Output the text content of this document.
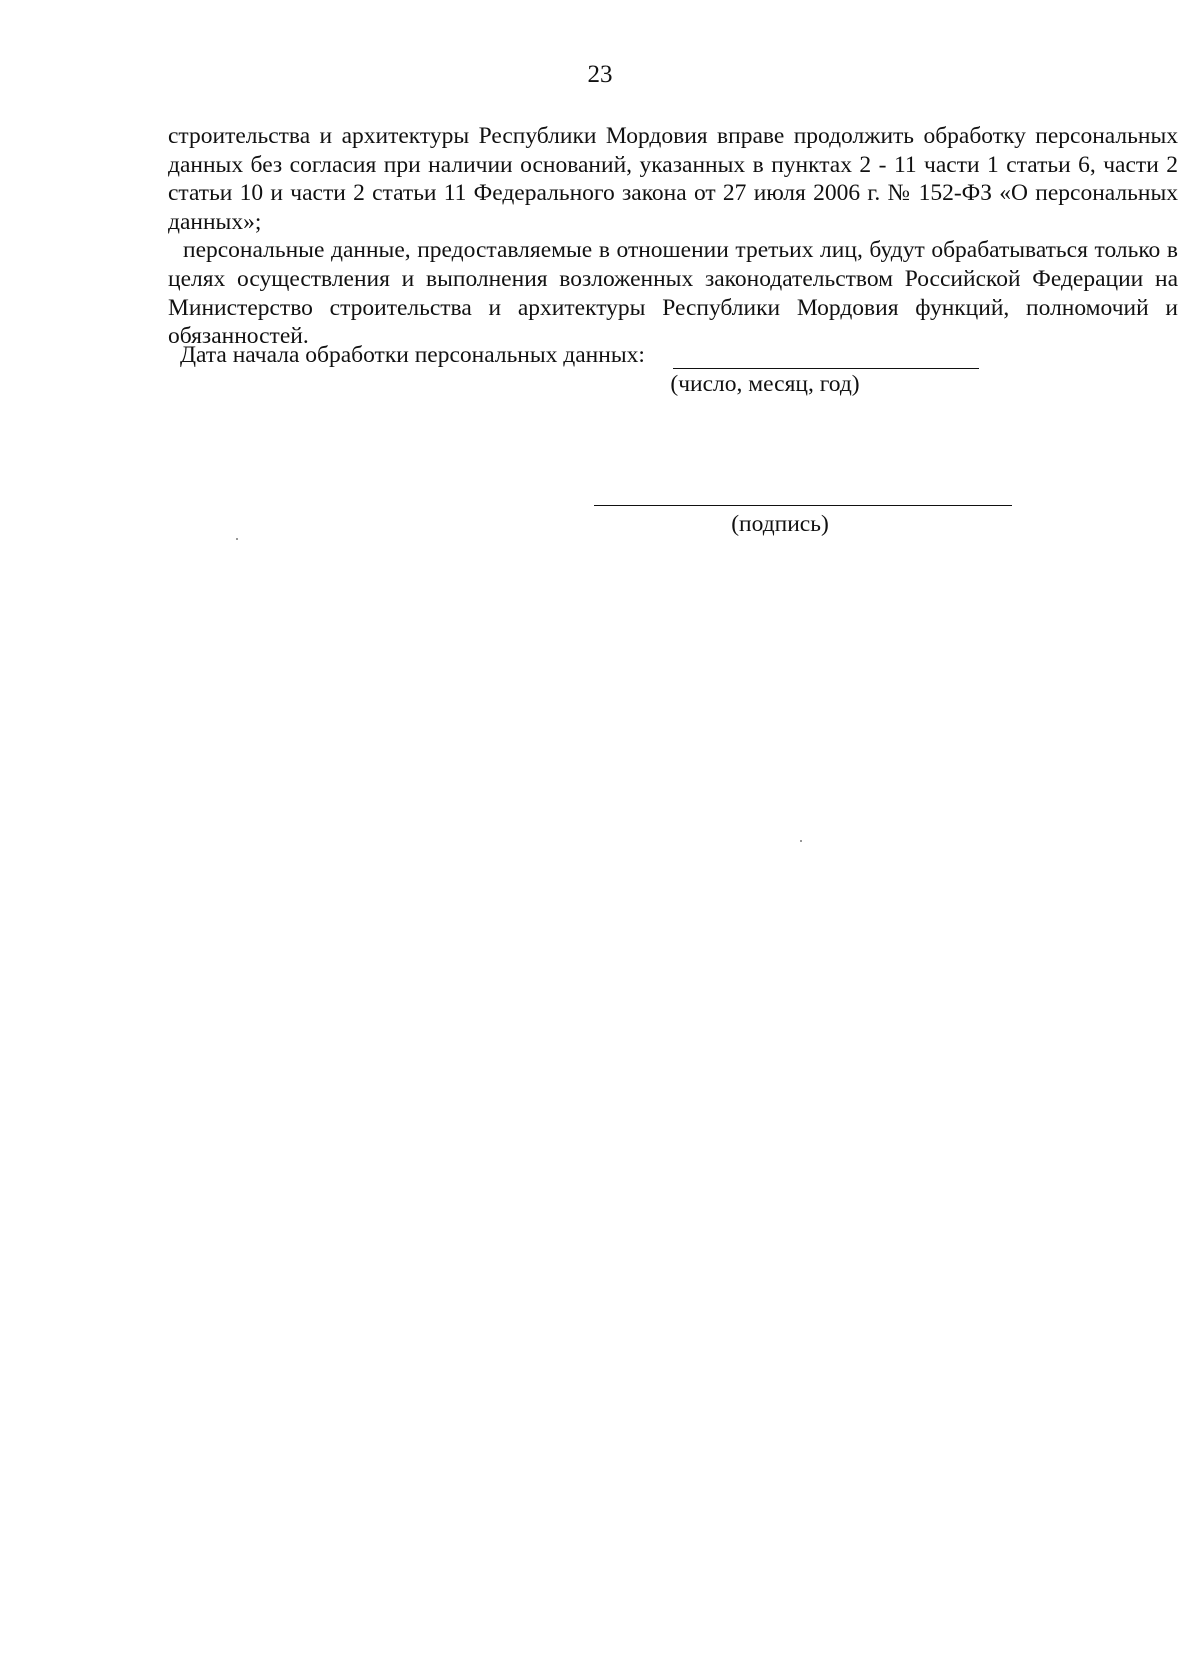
23

строительства и архитектуры Республики Мордовия вправе продолжить обработку персональных данных без согласия при наличии оснований, указанных в пунктах 2 - 11 части 1 статьи 6, части 2 статьи 10 и части 2 статьи 11 Федерального закона от 27 июля 2006 г. № 152-ФЗ «О персональных данных»;

персональные данные, предоставляемые в отношении третьих лиц, будут обрабатываться только в целях осуществления и выполнения возложенных законодательством Российской Федерации на Министерство строительства и архитектуры Республики Мордовия функций, полномочий и обязанностей.

Дата начала обработки персональных данных:
(число, месяц, год)
(подпись)
